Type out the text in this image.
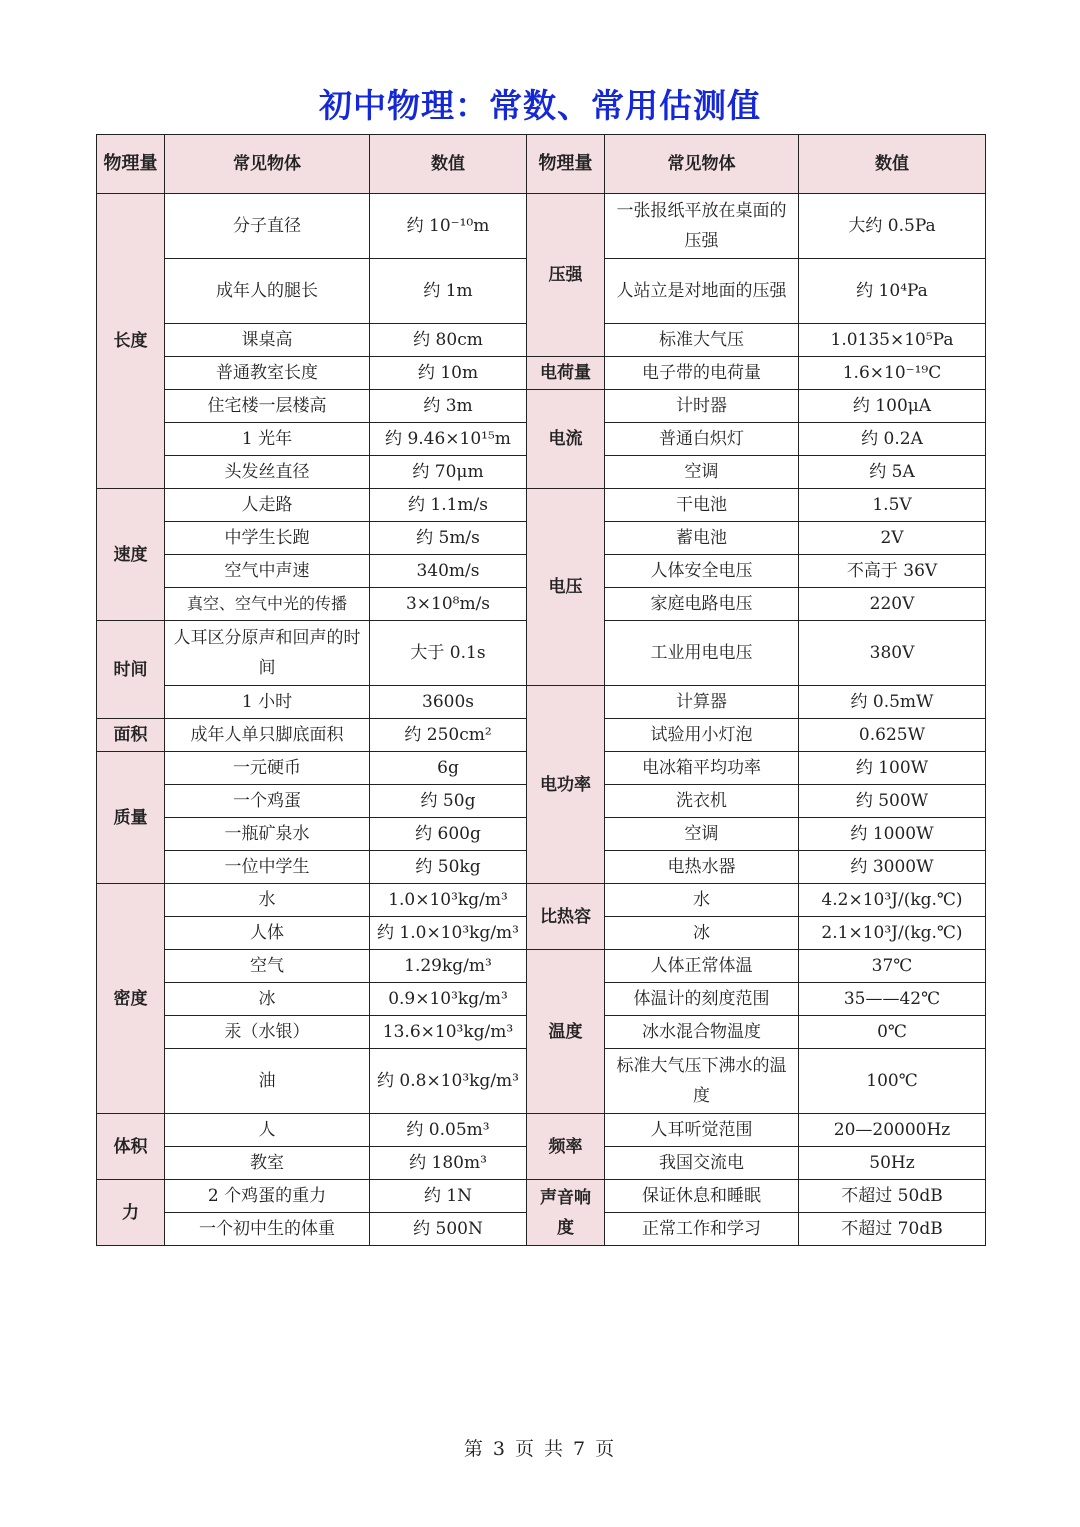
初中物理：常数、常用估测值
物理量	常见物体	数值	物理量	常见物体	数值
长度	分子直径	约 10⁻¹⁰m	压强	一张报纸平放在桌面的压强	大约 0.5Pa
	成年人的腿长	约 1m		人站立是对地面的压强	约 10⁴Pa
	课桌高	约 80cm		标准大气压	1.0135×10⁵Pa
	普通教室长度	约 10m	电荷量	电子带的电荷量	1.6×10⁻¹⁹C
	住宅楼一层楼高	约 3m	电流	计时器	约 100μA
	1 光年	约 9.46×10¹⁵m		普通白炽灯	约 0.2A
	头发丝直径	约 70μm		空调	约 5A
速度	人走路	约 1.1m/s	电压	干电池	1.5V
	中学生长跑	约 5m/s		蓄电池	2V
	空气中声速	340m/s		人体安全电压	不高于 36V
	真空、空气中光的传播	3×10⁸m/s		家庭电路电压	220V
时间	人耳区分原声和回声的时间	大于 0.1s		工业用电电压	380V
	1 小时	3600s	电功率	计算器	约 0.5mW
面积	成年人单只脚底面积	约 250cm²		试验用小灯泡	0.625W
质量	一元硬币	6g		电冰箱平均功率	约 100W
	一个鸡蛋	约 50g		洗衣机	约 500W
	一瓶矿泉水	约 600g		空调	约 1000W
	一位中学生	约 50kg		电热水器	约 3000W
密度	水	1.0×10³kg/m³	比热容	水	4.2×10³J/(kg.℃)
	人体	约 1.0×10³kg/m³		冰	2.1×10³J/(kg.℃)
	空气	1.29kg/m³	温度	人体正常体温	37℃
	冰	0.9×10³kg/m³		体温计的刻度范围	35——42℃
	汞（水银）	13.6×10³kg/m³		冰水混合物温度	0℃
	油	约 0.8×10³kg/m³		标准大气压下沸水的温度	100℃
体积	人	约 0.05m³	频率	人耳听觉范围	20—20000Hz
	教室	约 180m³		我国交流电	50Hz
力	2 个鸡蛋的重力	约 1N	声音响度	保证休息和睡眠	不超过 50dB
	一个初中生的体重	约 500N		正常工作和学习	不超过 70dB
第 3 页 共 7 页
